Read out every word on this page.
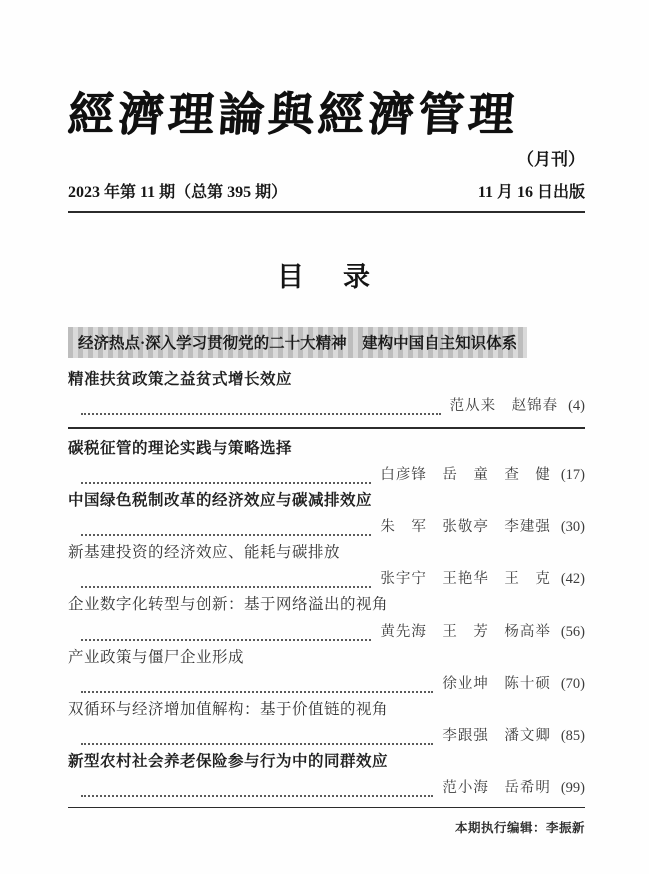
經濟理論與經濟管理
（月刊）
2023 年第 11 期（总第 395 期）	11 月 16 日出版
目　录
经济热点·深入学习贯彻党的二十大精神　建构中国自主知识体系
精准扶贫政策之益贫式增长效应
范从来　赵锦春 (4)
碳税征管的理论实践与策略选择
白彦锋　岳　童　查　健 (17)
中国绿色税制改革的经济效应与碳减排效应
朱　军　张敬亭　李建强 (30)
新基建投资的经济效应、能耗与碳排放
张宇宁　王艳华　王　克 (42)
企业数字化转型与创新：基于网络溢出的视角
黄先海　王　芳　杨高举 (56)
产业政策与僵尸企业形成
徐业坤　陈十硕 (70)
双循环与经济增加值解构：基于价值链的视角
李跟强　潘文卿 (85)
新型农村社会养老保险参与行为中的同群效应
范小海　岳希明 (99)
本期执行编辑：李振新
